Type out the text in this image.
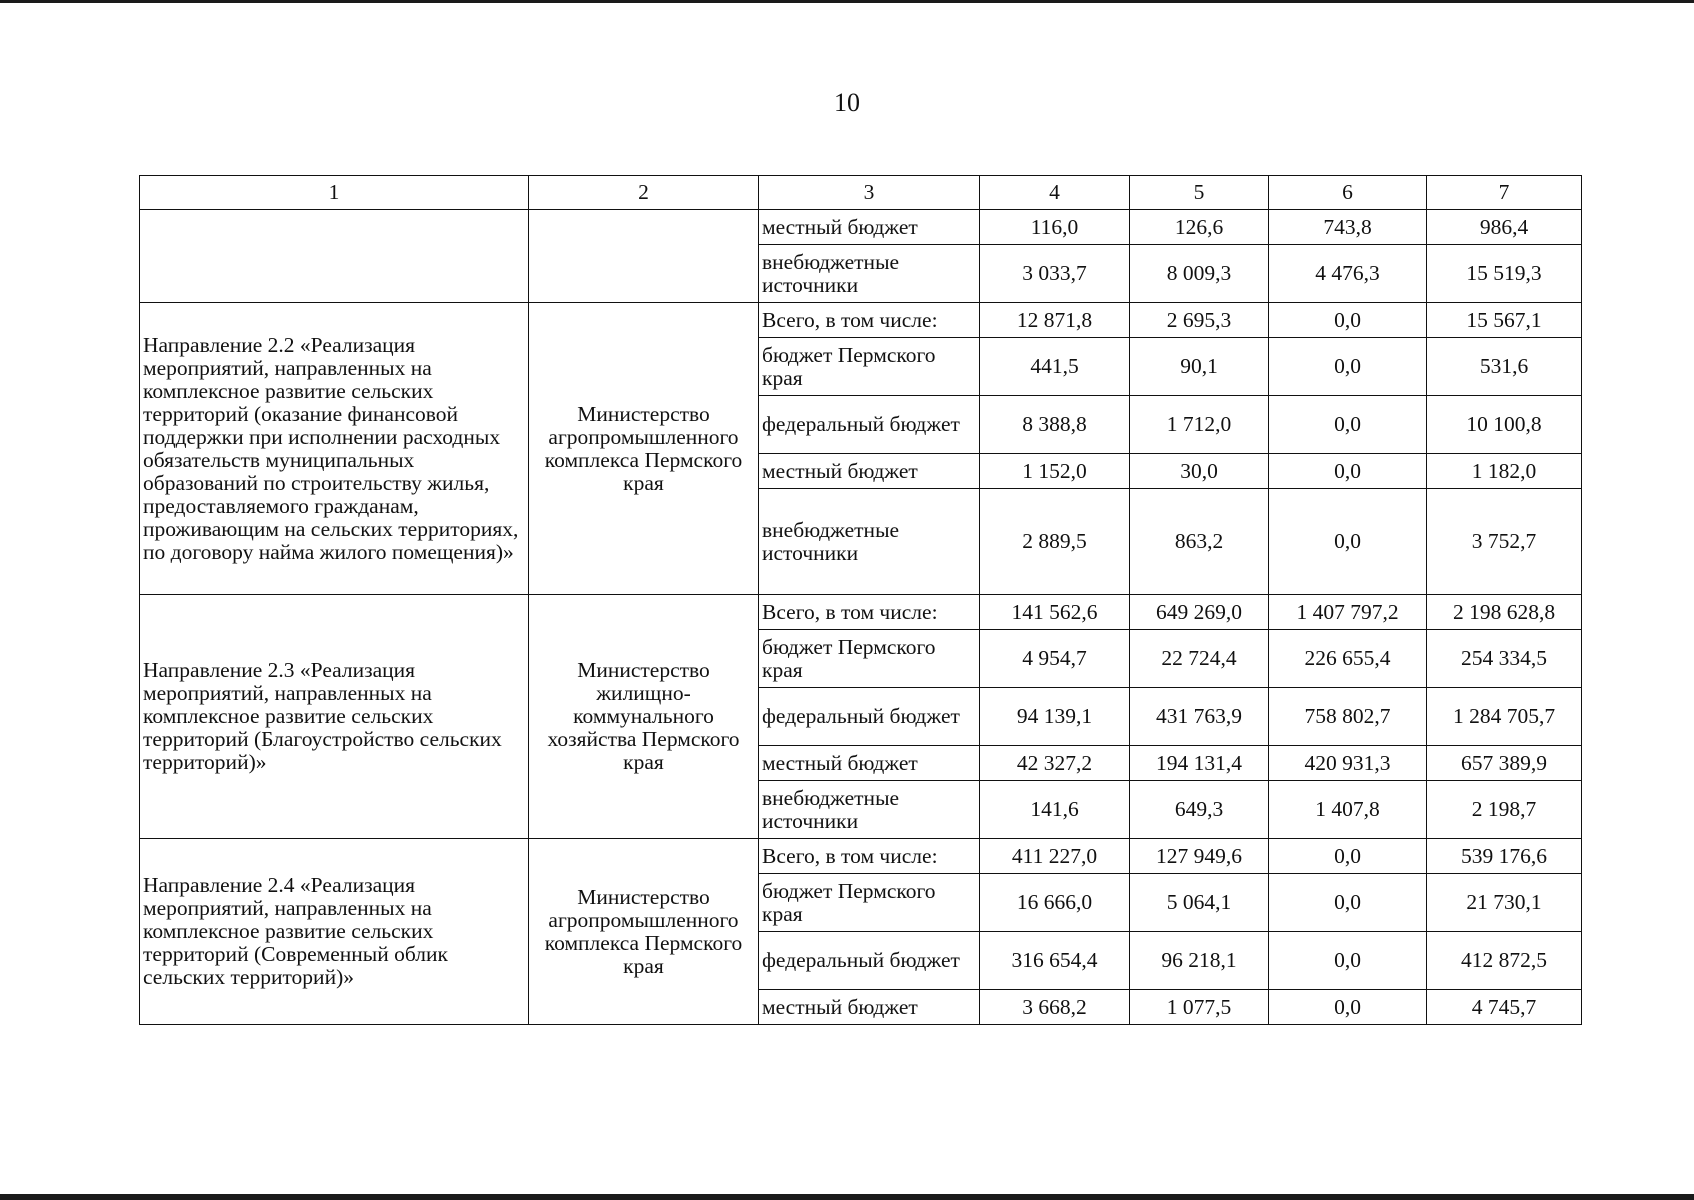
10
1	2	3	4	5	6	7
		местный бюджет	116,0	126,6	743,8	986,4
		внебюджетные источники	3 033,7	8 009,3	4 476,3	15 519,3
Направление 2.2 «Реализация мероприятий, направленных на комплексное развитие сельских территорий (оказание финансовой поддержки при исполнении расходных обязательств муниципальных образований по строительству жилья, предоставляемого гражданам, проживающим на сельских территориях, по договору найма жилого помещения)»	Министерство агропромышленного комплекса Пермского края	Всего, в том числе:	12 871,8	2 695,3	0,0	15 567,1
		бюджет Пермского края	441,5	90,1	0,0	531,6
		федеральный бюджет	8 388,8	1 712,0	0,0	10 100,8
		местный бюджет	1 152,0	30,0	0,0	1 182,0
		внебюджетные источники	2 889,5	863,2	0,0	3 752,7
Направление 2.3 «Реализация мероприятий, направленных на комплексное развитие сельских территорий (Благоустройство сельских территорий)»	Министерство жилищно-коммунального хозяйства Пермского края	Всего, в том числе:	141 562,6	649 269,0	1 407 797,2	2 198 628,8
		бюджет Пермского края	4 954,7	22 724,4	226 655,4	254 334,5
		федеральный бюджет	94 139,1	431 763,9	758 802,7	1 284 705,7
		местный бюджет	42 327,2	194 131,4	420 931,3	657 389,9
		внебюджетные источники	141,6	649,3	1 407,8	2 198,7
Направление 2.4 «Реализация мероприятий, направленных на комплексное развитие сельских территорий (Современный облик сельских территорий)»	Министерство агропромышленного комплекса Пермского края	Всего, в том числе:	411 227,0	127 949,6	0,0	539 176,6
		бюджет Пермского края	16 666,0	5 064,1	0,0	21 730,1
		федеральный бюджет	316 654,4	96 218,1	0,0	412 872,5
		местный бюджет	3 668,2	1 077,5	0,0	4 745,7
